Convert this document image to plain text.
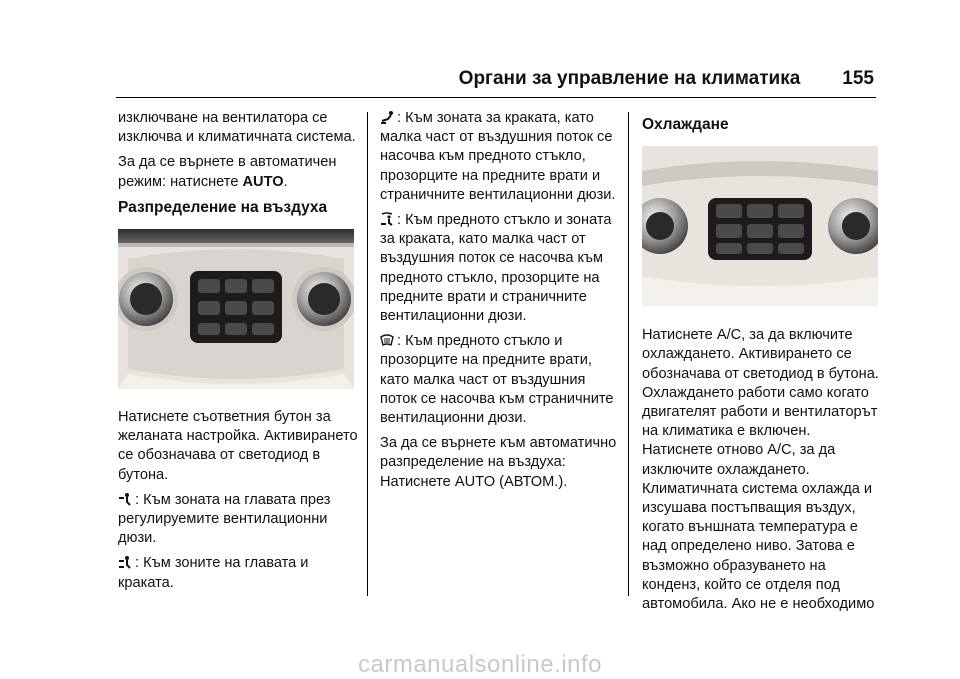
Органи за управление на климатика 155

изключване на вентилатора се изключва и климатичната система.

За да се върнете в автоматичен режим: натиснете AUTO.

Разпределение на въздуха

Натиснете съответния бутон за желаната настройка. Активирането се обозначава от светодиод в бутона.

: Към зоната на главата през регулируемите вентилационни дюзи.

: Към зоните на главата и краката.

: Към зоната за краката, като малка част от въздушния поток се насочва към предното стъкло, прозорците на предните врати и страничните вентилационни дюзи.

: Към предното стъкло и зоната за краката, като малка част от въздушния поток се насочва към предното стъкло, прозорците на предните врати и страничните вентилационни дюзи.

: Към предното стъкло и прозорците на предните врати, като малка част от въздушния поток се насочва към страничните вентилационни дюзи.

За да се върнете към автоматично разпределение на въздуха: Натиснете AUTO (АВТОМ.).

Охлаждане

Натиснете A/C, за да включите охлаждането. Активирането се обозначава от светодиод в бутона. Охлаждането работи само когато двигателят работи и вентилаторът на климатика е включен. Натиснете отново A/C, за да изключите охлаждането. Климатичната система охлажда и изсушава постъпващия въздух, когато външната температура е над определено ниво. Затова е възможно образуването на конденз, който се отделя под автомобила. Ако не е необходимо

carmanualsonline.info
